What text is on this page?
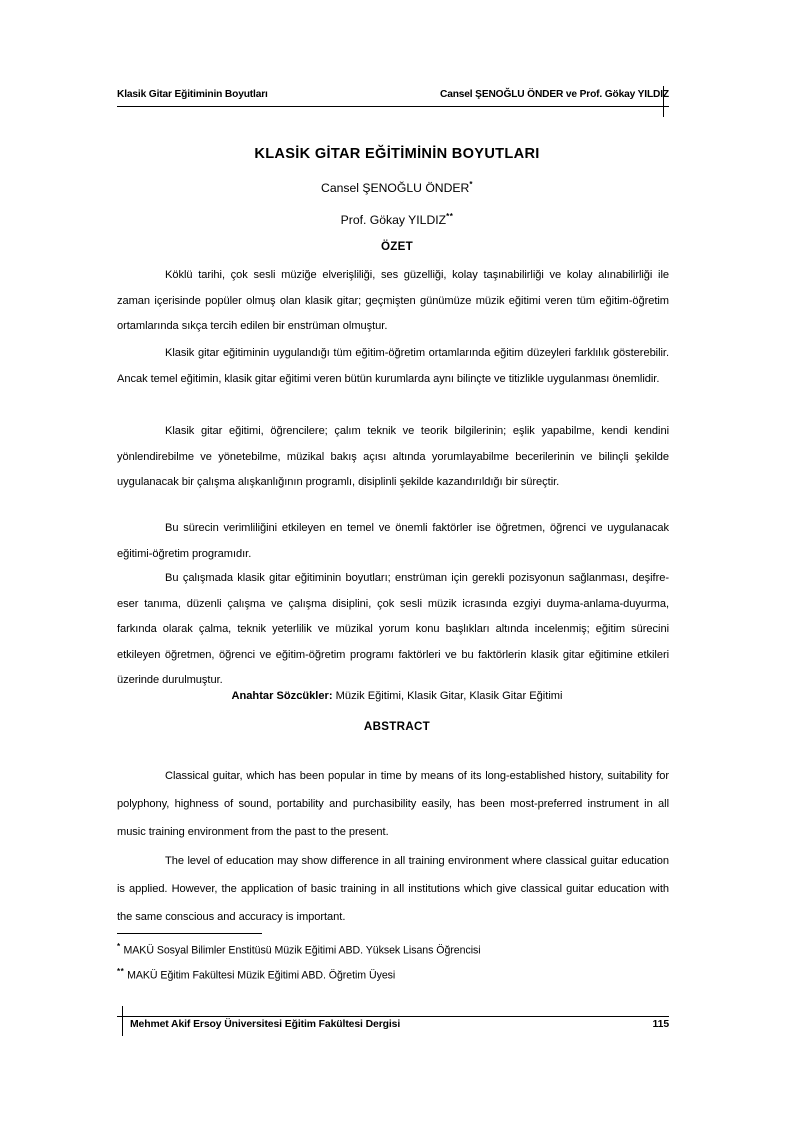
Klasik Gitar Eğitiminin Boyutları	Cansel ŞENOĞLU ÖNDER ve Prof. Gökay YILDIZ
KLASİK GİTAR EĞİTİMİNİN BOYUTLARI
Cansel ŞENOĞLU ÖNDER*
Prof. Gökay YILDIZ**
ÖZET

Köklü tarihi, çok sesli müziğe elverişliliği, ses güzelliği, kolay taşınabilirliği ve kolay alınabilirliği ile zaman içerisinde popüler olmuş olan klasik gitar; geçmişten günümüze müzik eğitimi veren tüm eğitim-öğretim ortamlarında sıkça tercih edilen bir enstrüman olmuştur.

Klasik gitar eğitiminin uygulandığı tüm eğitim-öğretim ortamlarında eğitim düzeyleri farklılık gösterebilir. Ancak temel eğitimin, klasik gitar eğitimi veren bütün kurumlarda aynı bilinçte ve titizlikle uygulanması önemlidir.

Klasik gitar eğitimi, öğrencilere; çalım teknik ve teorik bilgilerinin; eşlik yapabilme, kendi kendini yönlendirebilme ve yönetebilme, müzikal bakış açısı altında yorumlayabilme becerilerinin ve bilinçli şekilde uygulanacak bir çalışma alışkanlığının programlı, disiplinli şekilde kazandırıldığı bir süreçtir.

Bu sürecin verimliliğini etkileyen en temel ve önemli faktörler ise öğretmen, öğrenci ve uygulanacak eğitimi-öğretim programıdır.

Bu çalışmada klasik gitar eğitiminin boyutları; enstrüman için gerekli pozisyonun sağlanması, deşifre-eser tanıma, düzenli çalışma ve çalışma disiplini, çok sesli müzik icrasında ezgiyi duyma-anlama-duyurma, farkında olarak çalma, teknik yeterlilik ve müzikal yorum konu başlıkları altında incelenmiş; eğitim sürecini etkileyen öğretmen, öğrenci ve eğitim-öğretim programı faktörleri ve bu faktörlerin klasik gitar eğitimine etkileri üzerinde durulmuştur.

Anahtar Sözcükler: Müzik Eğitimi, Klasik Gitar, Klasik Gitar Eğitimi
ABSTRACT

Classical guitar, which has been popular in time by means of its long-established history, suitability for polyphony, highness of sound, portability and purchasibility easily, has been most-preferred instrument in all music training environment from the past to the present.

The level of education may show difference in all training environment where classical guitar education is applied. However, the application of basic training in all institutions which give classical guitar education with the same conscious and accuracy is important.

* MAKÜ Sosyal Bilimler Enstitüsü Müzik Eğitimi ABD. Yüksek Lisans Öğrencisi
** MAKÜ Eğitim Fakültesi Müzik Eğitimi ABD. Öğretim Üyesi
Mehmet Akif Ersoy Üniversitesi Eğitim Fakültesi Dergisi	115
